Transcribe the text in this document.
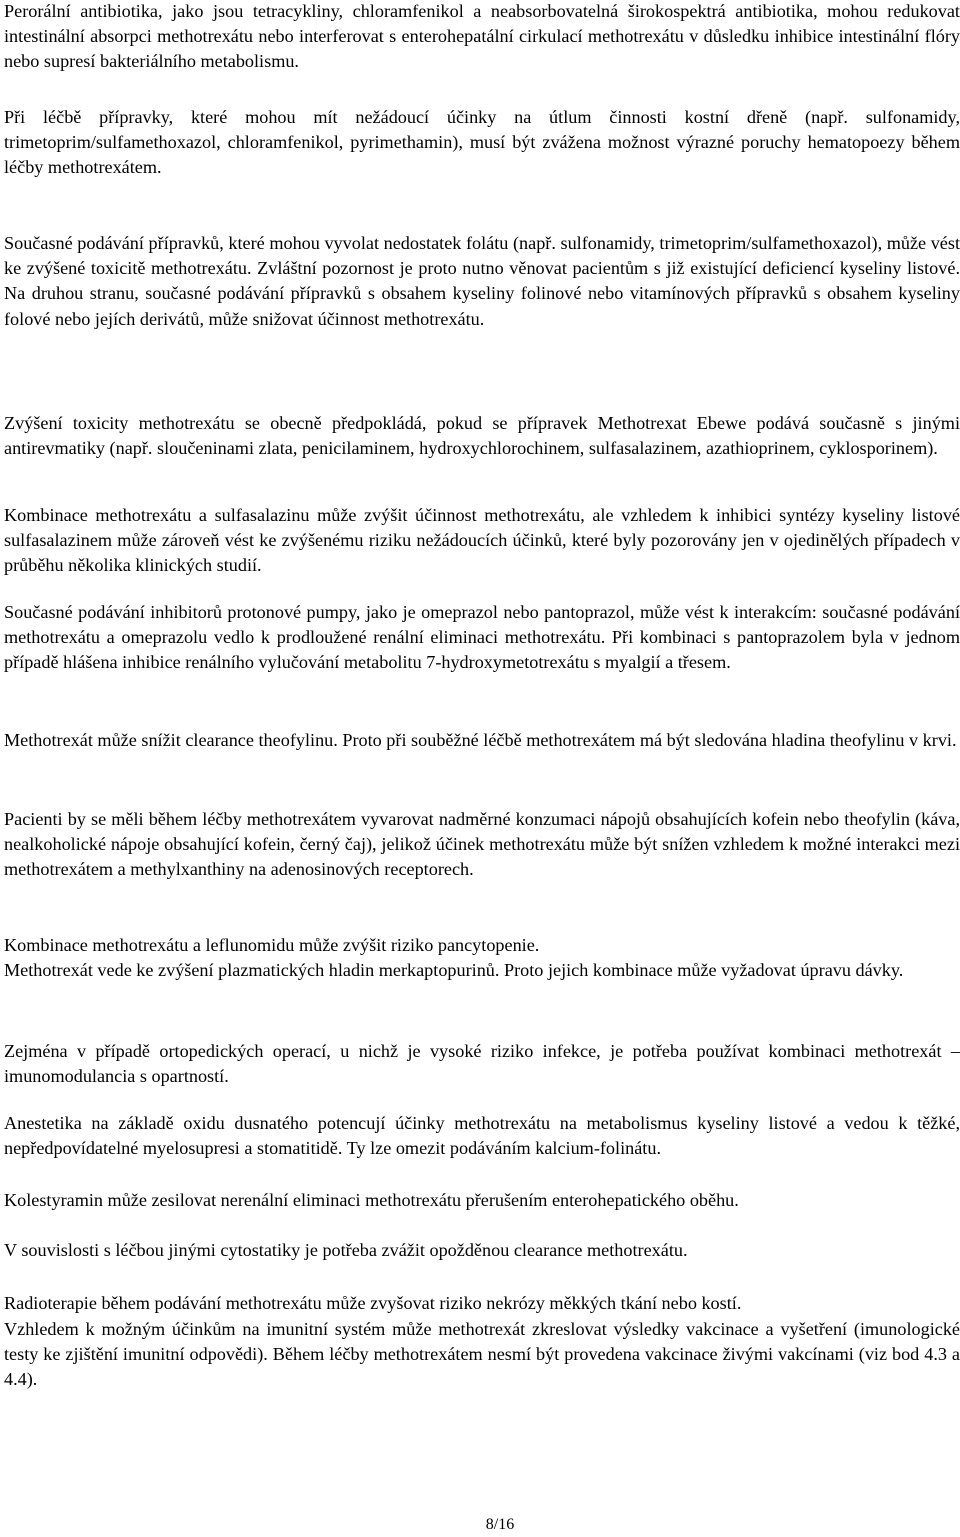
Perorální antibiotika, jako jsou tetracykliny, chloramfenikol a neabsorbovatelná širokospektrá antibiotika, mohou redukovat intestinální absorpci methotrexátu nebo interferovat s enterohepatální cirkulací methotrexátu v důsledku inhibice intestinální flóry nebo supresí bakteriálního metabolismu.

Při léčbě přípravky, které mohou mít nežádoucí účinky na útlum činnosti kostní dřeně (např. sulfonamidy, trimetoprim/sulfamethoxazol, chloramfenikol, pyrimethamin), musí být zvážena možnost výrazné poruchy hematopoezy během léčby methotrexátem.

Současné podávání přípravků, které mohou vyvolat nedostatek folátu (např. sulfonamidy, trimetoprim/sulfamethoxazol), může vést ke zvýšené toxicitě methotrexátu. Zvláštní pozornost je proto nutno věnovat pacientům s již existující deficiencí kyseliny listové. Na druhou stranu, současné podávání přípravků s obsahem kyseliny folinové nebo vitamínových přípravků s obsahem kyseliny folové nebo jejích derivátů, může snižovat účinnost methotrexátu.

Zvýšení toxicity methotrexátu se obecně předpokládá, pokud se přípravek Methotrexat Ebewe podává současně s jinými antirevmatiky (např. sloučeninami zlata, penicilaminem, hydroxychlorochinem, sulfasalazinem, azathioprinem, cyklosporinem).

Kombinace methotrexátu a sulfasalazinu může zvýšit účinnost methotrexátu, ale vzhledem k inhibici syntézy kyseliny listové sulfasalazinem může zároveň vést ke zvýšenému riziku nežádoucích účinků, které byly pozorovány jen v ojedinělých případech v průběhu několika klinických studií.

Současné podávání inhibitorů protonové pumpy, jako je omeprazol nebo pantoprazol, může vést k interakcím: současné podávání methotrexátu a omeprazolu vedlo k prodloužené renální eliminaci methotrexátu. Při kombinaci s pantoprazolem byla v jednom případě hlášena inhibice renálního vylučování metabolitu 7-hydroxymetotrexátu s myalgií a třesem.

Methotrexát může snížit clearance theofylinu. Proto při souběžné léčbě methotrexátem má být sledována hladina theofylinu v krvi.

Pacienti by se měli během léčby methotrexátem vyvarovat nadměrné konzumaci nápojů obsahujících kofein nebo theofylin (káva, nealkoholické nápoje obsahující kofein, černý čaj), jelikož účinek methotrexátu může být snížen vzhledem k možné interakci mezi methotrexátem a methylxanthiny na adenosinových receptorech.

Kombinace methotrexátu a leflunomidu může zvýšit riziko pancytopenie.

Methotrexát vede ke zvýšení plazmatických hladin merkaptopurinů. Proto jejich kombinace může vyžadovat úpravu dávky.

Zejména v případě ortopedických operací, u nichž je vysoké riziko infekce, je potřeba používat kombinaci methotrexát – imunomodulancia s opartností.

Anestetika na základě oxidu dusnatého potencují účinky methotrexátu na metabolismus kyseliny listové a vedou k těžké, nepředpovídatelné myelosupresi a stomatitidě. Ty lze omezit podáváním kalcium-folinátu.

Kolestyramin může zesilovat nerenální eliminaci methotrexátu přerušením enterohepatického oběhu.

V souvislosti s léčbou jinými cytostatiky je potřeba zvážit opožděnou clearance methotrexátu.

Radioterapie během podávání methotrexátu může zvyšovat riziko nekrózy měkkých tkání nebo kostí.

Vzhledem k možným účinkům na imunitní systém může methotrexát zkreslovat výsledky vakcinace a vyšetření (imunologické testy ke zjištění imunitní odpovědi). Během léčby methotrexátem nesmí být provedena vakcinace živými vakcínami (viz bod 4.3 a 4.4).

8/16
